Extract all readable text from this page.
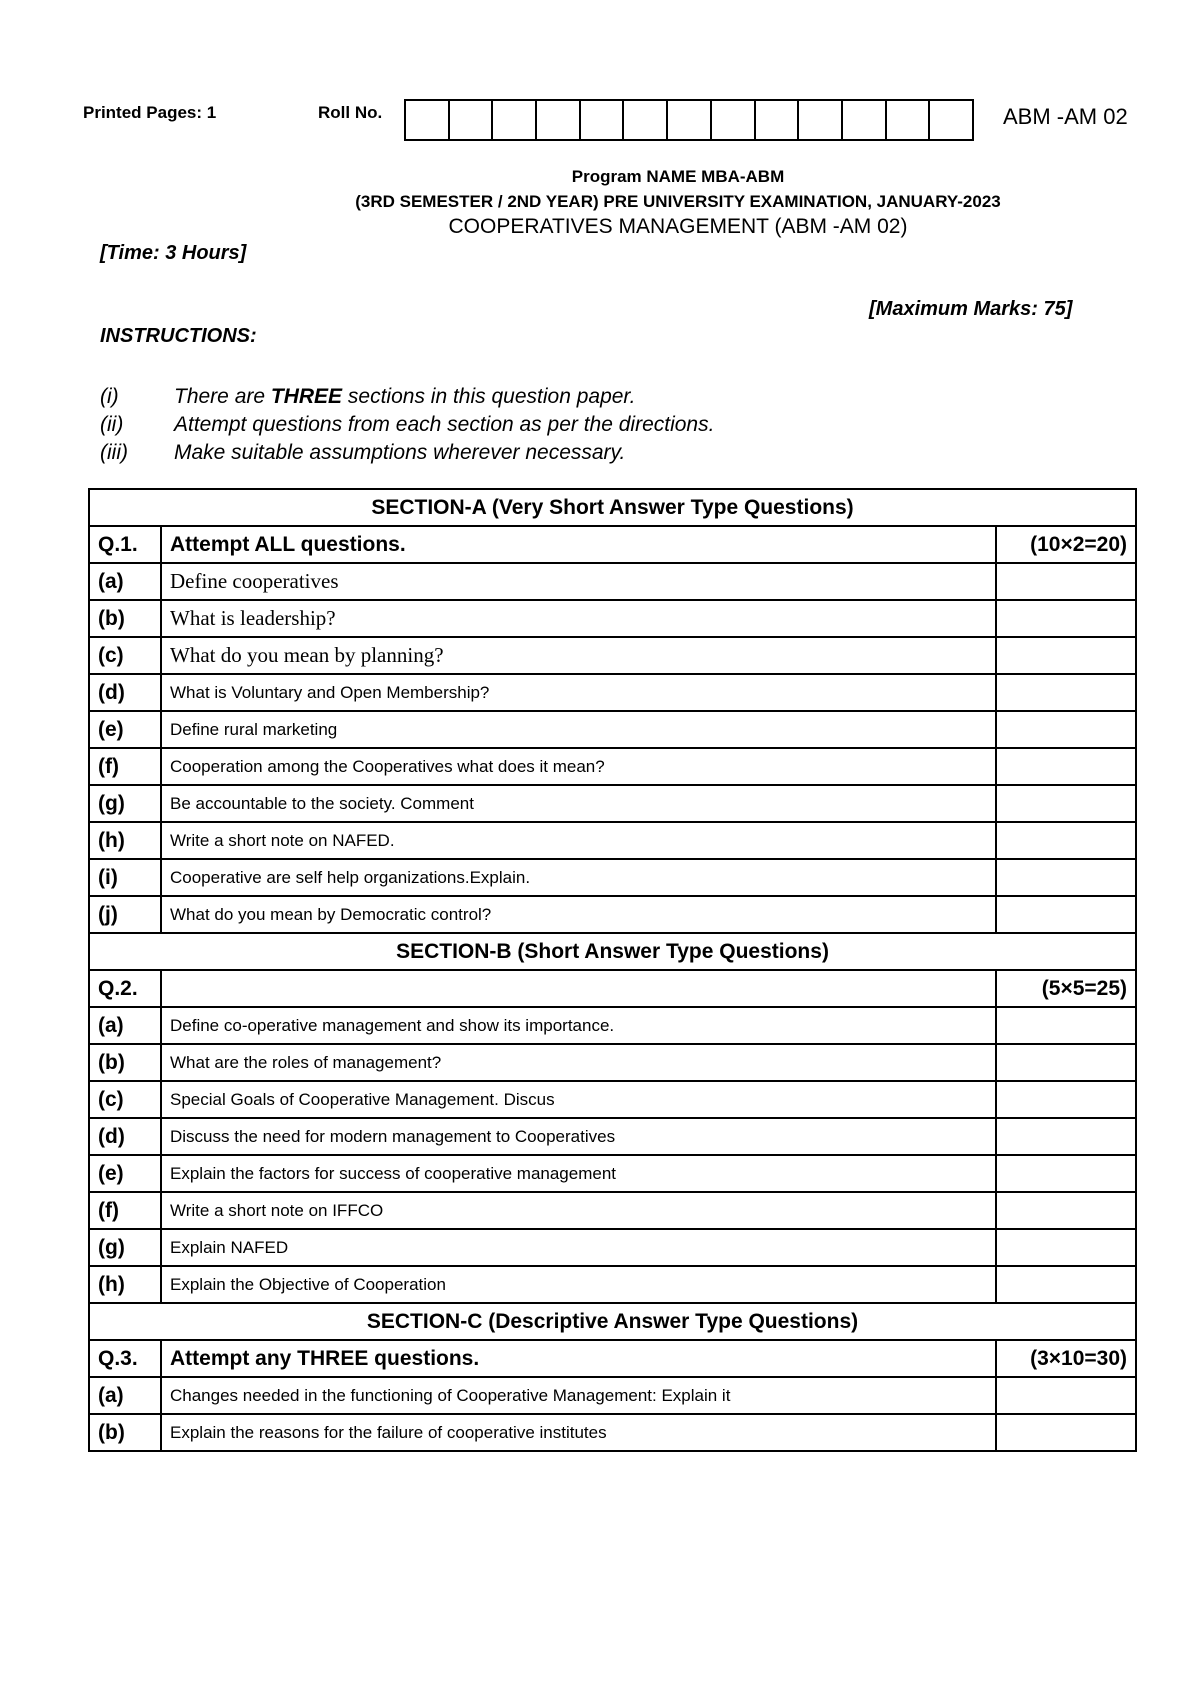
Printed Pages: 1	Roll No.	ABM -AM 02
Program NAME MBA-ABM
(3RD SEMESTER / 2ND YEAR) PRE UNIVERSITY EXAMINATION, JANUARY-2023
COOPERATIVES MANAGEMENT (ABM -AM 02)
[Time: 3 Hours]
[Maximum Marks: 75]
INSTRUCTIONS:
(i)	There are THREE sections in this question paper.
(ii) Attempt questions from each section as per the directions.
(iii) Make suitable assumptions wherever necessary.
SECTION-A (Very Short Answer Type Questions)		
Q.1.	Attempt ALL questions.	(10×2=20)
(a)	Define cooperatives	
(b)	What is leadership?	
(c)	What do you mean by planning?	
(d)	What is Voluntary and Open Membership?	
(e)	Define rural marketing	
(f)	Cooperation among the Cooperatives what does it mean?	
(g)	Be accountable to the society. Comment	
(h)	Write a short note on NAFED.	
(i)	Cooperative are self help organizations.Explain.	
(j)	What do you mean by Democratic control?	
SECTION-B (Short Answer Type Questions)		
Q.2.		(5×5=25)
(a)	Define co-operative management and show its importance.	
(b)	What are the roles of management?	
(c)	Special Goals of Cooperative Management. Discus	
(d)	Discuss the need for modern management to Cooperatives	
(e)	Explain the factors for success of cooperative management	
(f)	Write a short note on IFFCO	
(g)	Explain NAFED	
(h)	Explain the Objective of Cooperation	
SECTION-C (Descriptive Answer Type Questions)		
Q.3.	Attempt any THREE questions.	(3×10=30)
(a)	Changes needed in the functioning of Cooperative Management: Explain it	
(b)	Explain the reasons for the failure of cooperative institutes	
